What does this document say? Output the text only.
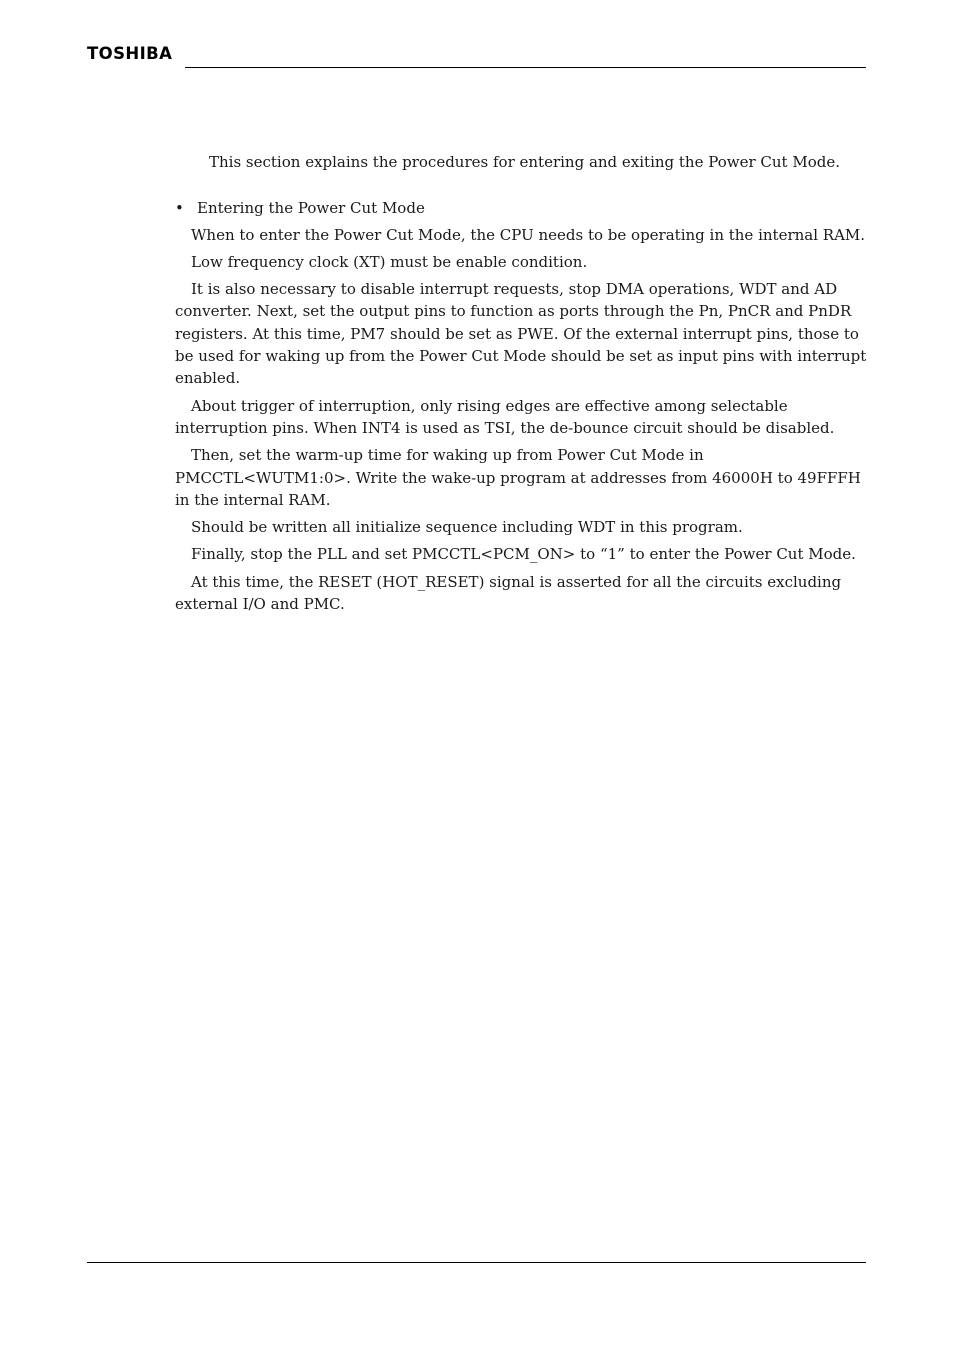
TOSHIBA

This section explains the procedures for entering and exiting the Power Cut Mode.

• Entering the Power Cut Mode

When to enter the Power Cut Mode, the CPU needs to be operating in the internal RAM.

Low frequency clock (XT) must be enable condition.

It is also necessary to disable interrupt requests, stop DMA operations, WDT and AD converter. Next, set the output pins to function as ports through the Pn, PnCR and PnDR registers. At this time, PM7 should be set as PWE. Of the external interrupt pins, those to be used for waking up from the Power Cut Mode should be set as input pins with interrupt enabled.

About trigger of interruption, only rising edges are effective among selectable interruption pins. When INT4 is used as TSI, the de-bounce circuit should be disabled.

Then, set the warm-up time for waking up from Power Cut Mode in PMCCTL<WUTM1:0>. Write the wake-up program at addresses from 46000H to 49FFFH in the internal RAM.

Should be written all initialize sequence including WDT in this program.

Finally, stop the PLL and set PMCCTL<PCM_ON> to “1” to enter the Power Cut Mode.

At this time, the RESET (HOT_RESET) signal is asserted for all the circuits excluding external I/O and PMC.
